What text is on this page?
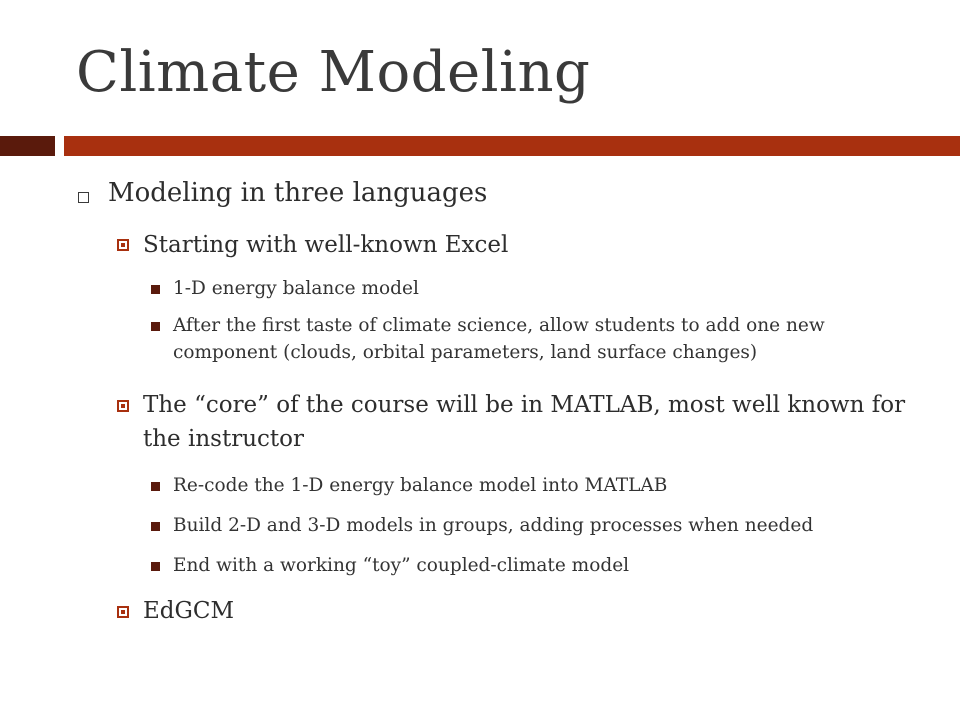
Climate Modeling
Modeling in three languages
Starting with well-known Excel
1-D energy balance model
After the first taste of climate science, allow students to add one new component (clouds, orbital parameters, land surface changes)
The “core” of the course will be in MATLAB, most well known for the instructor
Re-code the 1-D energy balance model into MATLAB
Build 2-D and 3-D models in groups, adding processes when needed
End with a working “toy” coupled-climate model
EdGCM
